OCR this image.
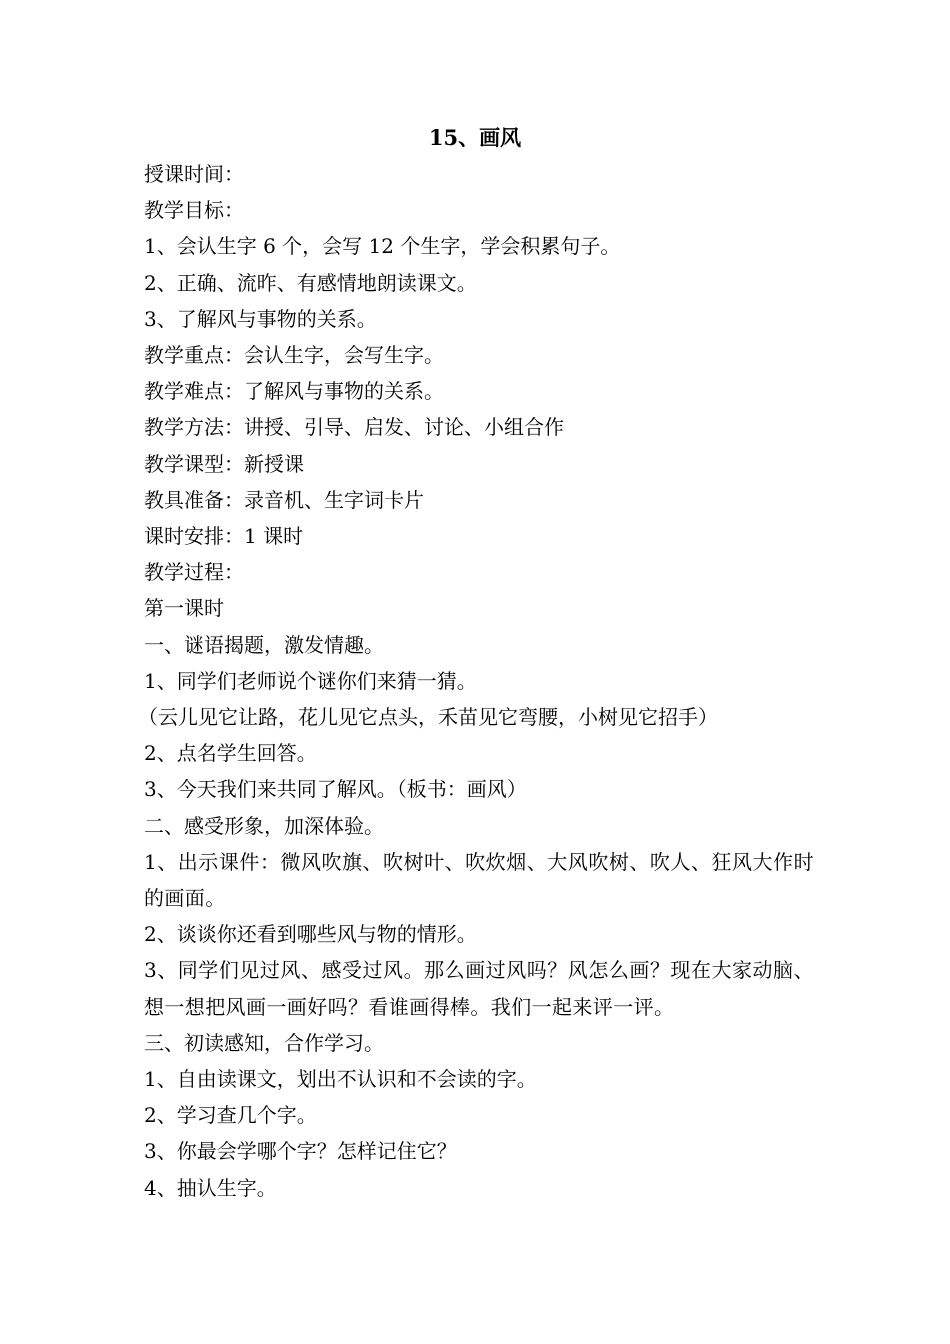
15、画风

授课时间：

教学目标：

1、会认生字 6 个，会写 12 个生字，学会积累句子。

2、正确、流昨、有感情地朗读课文。

3、了解风与事物的关系。

教学重点：会认生字，会写生字。

教学难点：了解风与事物的关系。

教学方法：讲授、引导、启发、讨论、小组合作

教学课型：新授课

教具准备：录音机、生字词卡片

课时安排：1 课时

教学过程：

第一课时

一、谜语揭题，激发情趣。

1、同学们老师说个谜你们来猜一猜。

（云儿见它让路，花儿见它点头，禾苗见它弯腰，小树见它招手）

2、点名学生回答。

3、今天我们来共同了解风。（板书：画风）

二、感受形象，加深体验。

1、出示课件：微风吹旗、吹树叶、吹炊烟、大风吹树、吹人、狂风大作时的画面。

2、谈谈你还看到哪些风与物的情形。

3、同学们见过风、感受过风。那么画过风吗？风怎么画？现在大家动脑、想一想把风画一画好吗？看谁画得棒。我们一起来评一评。

三、初读感知，合作学习。

1、自由读课文，划出不认识和不会读的字。

2、学习查几个字。

3、你最会学哪个字？怎样记住它？

4、抽认生字。
